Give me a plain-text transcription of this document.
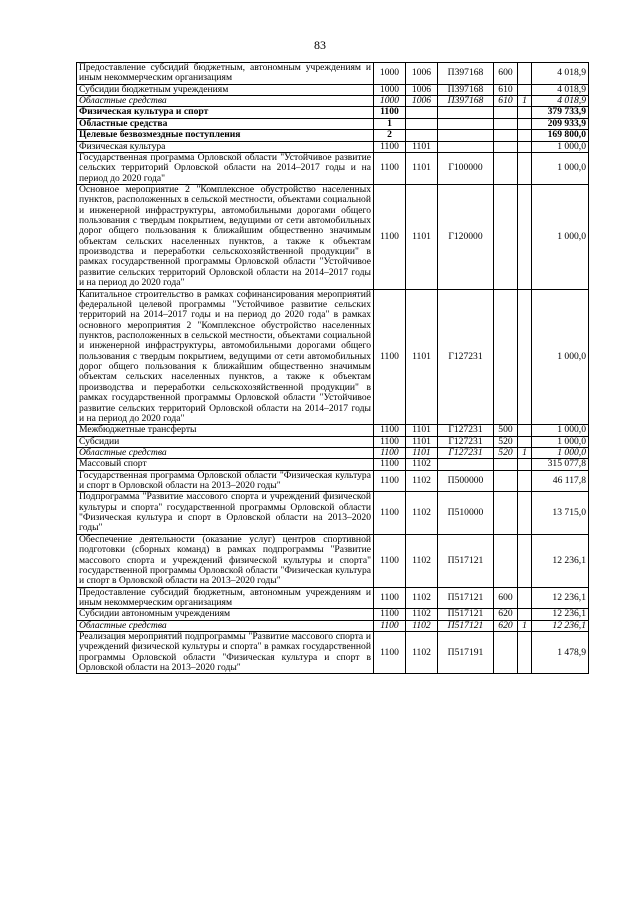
83
Предоставление субсидий бюджетным, автономным учреждениям и иным некоммерческим организациям	1000	1006	П397168	600		4 018,9
Субсидии бюджетным учреждениям	1000	1006	П397168	610		4 018,9
Областные средства	1000	1006	П397168	610	1	4 018,9
Физическая культура и спорт	1100					379 733,9
Областные средства	1					209 933,9
Целевые безвозмездные поступления	2					169 800,0
Физическая культура	1100	1101				1 000,0
Государственная программа Орловской области "Устойчивое развитие сельских территорий Орловской области на 2014–2017 годы и на период до 2020 года"	1100	1101	Г100000			1 000,0
Основное мероприятие 2 "Комплексное обустройство населенных пунктов, расположенных в сельской местности, объектами социальной и инженерной инфраструктуры, автомобильными дорогами общего пользования с твердым покрытием, ведущими от сети автомобильных дорог общего пользования к ближайшим общественно значимым объектам сельских населенных пунктов, а также к объектам производства и переработки сельскохозяйственной продукции" в рамках государственной программы Орловской области "Устойчивое развитие сельских территорий Орловской области на 2014–2017 годы и на период до 2020 года"	1100	1101	Г120000			1 000,0
Капитальное строительство в рамках софинансирования мероприятий федеральной целевой программы "Устойчивое развитие сельских территорий на 2014–2017 годы и на период до 2020 года" в рамках основного мероприятия 2 "Комплексное обустройство населенных пунктов, расположенных в сельской местности, объектами социальной и инженерной инфраструктуры, автомобильными дорогами общего пользования с твердым покрытием, ведущими от сети автомобильных дорог общего пользования к ближайшим общественно значимым объектам сельских населенных пунктов, а также к объектам производства и переработки сельскохозяйственной продукции" в рамках государственной программы Орловской области "Устойчивое развитие сельских территорий Орловской области на 2014–2017 годы и на период до 2020 года"	1100	1101	Г127231			1 000,0
Межбюджетные трансферты	1100	1101	Г127231	500		1 000,0
Субсидии	1100	1101	Г127231	520		1 000,0
Областные средства	1100	1101	Г127231	520	1	1 000,0
Массовый спорт	1100	1102				315 077,8
Государственная программа Орловской области "Физическая культура и спорт в Орловской области на 2013–2020 годы"	1100	1102	П500000			46 117,8
Подпрограмма "Развитие массового спорта и учреждений физической культуры и спорта" государственной программы Орловской области "Физическая культура и спорт в Орловской области на 2013–2020 годы"	1100	1102	П510000			13 715,0
Обеспечение деятельности (оказание услуг) центров спортивной подготовки (сборных команд) в рамках подпрограммы "Развитие массового спорта и учреждений физической культуры и спорта" государственной программы Орловской области "Физическая культура и спорт в Орловской области на 2013–2020 годы"	1100	1102	П517121			12 236,1
Предоставление субсидий бюджетным, автономным учреждениям и иным некоммерческим организациям	1100	1102	П517121	600		12 236,1
Субсидии автономным учреждениям	1100	1102	П517121	620		12 236,1
Областные средства	1100	1102	П517121	620	1	12 236,1
Реализация мероприятий подпрограммы "Развитие массового спорта и учреждений физической культуры и спорта" в рамках государственной программы Орловской области "Физическая культура и спорт в Орловской области на 2013–2020 годы"	1100	1102	П517191			1 478,9
